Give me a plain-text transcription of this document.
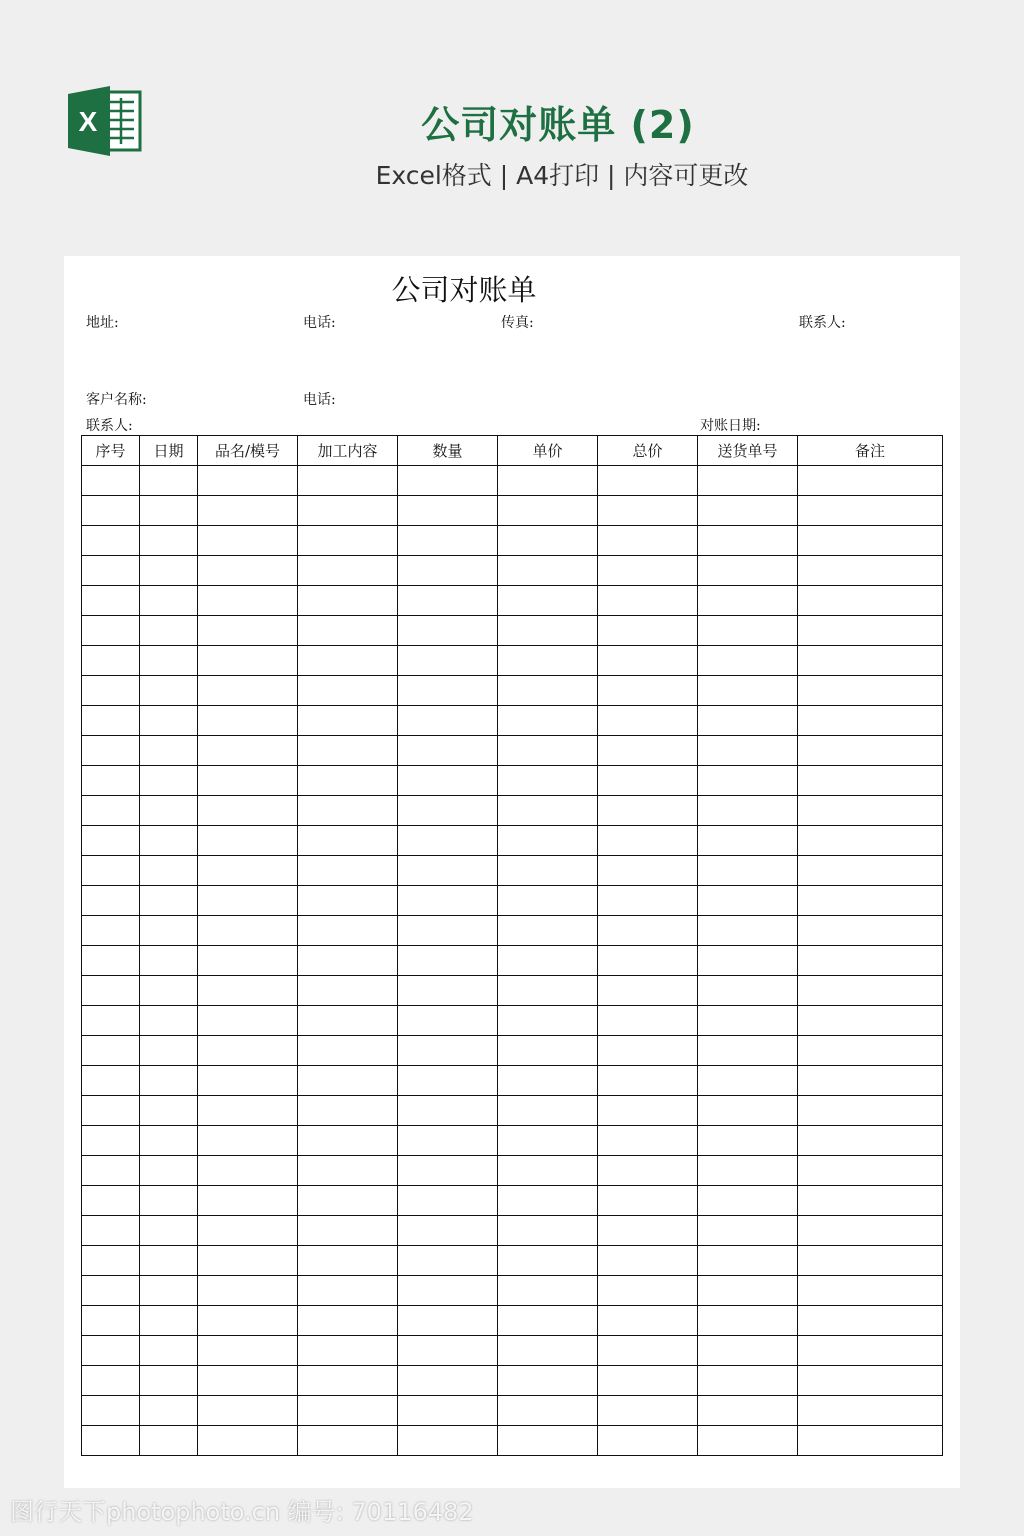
X	公司对账单 (2)
Excel格式 | A4打印 | 内容可更改
公司对账单
地址:	电话:	传真:	联系人:
客户名称:	电话:
联系人:	对账日期:
序号	日期	品名/模号	加工内容	数量	单价	总价	送货单号	备注

图行天下photophoto.cn 编号: 70116482
